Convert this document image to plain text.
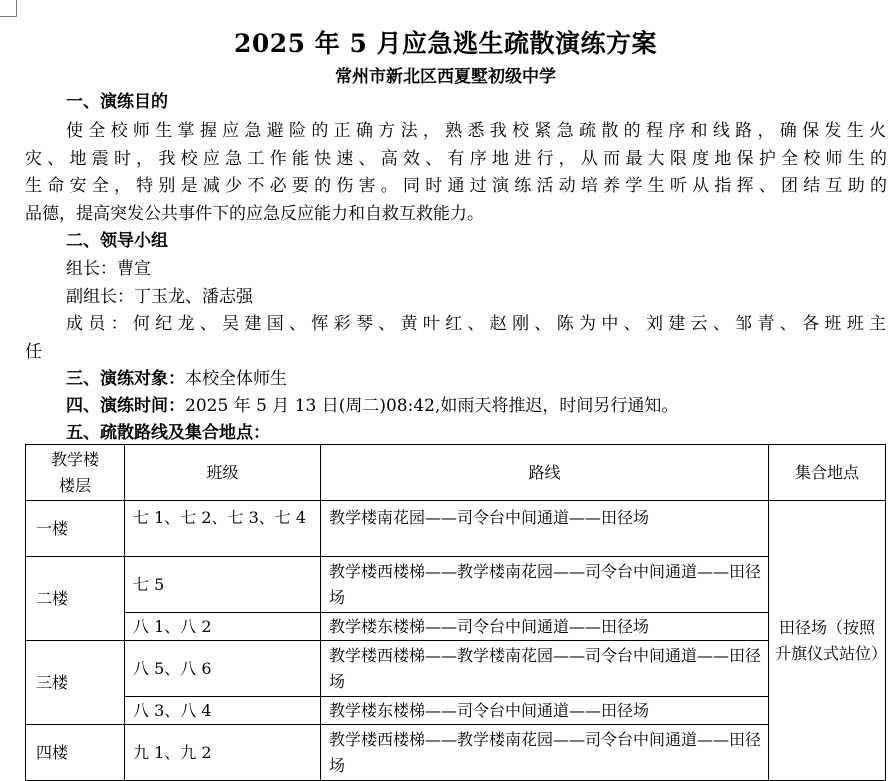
2025 年 5 月应急逃生疏散演练方案
常州市新北区西夏墅初级中学
一、演练目的
使全校师生掌握应急避险的正确方法，熟悉我校紧急疏散的程序和线路，确保发生火
灾、地震时，我校应急工作能快速、高效、有序地进行，从而最大限度地保护全校师生的
生命安全，特别是减少不必要的伤害。同时通过演练活动培养学生听从指挥、团结互助的
品德，提高突发公共事件下的应急反应能力和自救互救能力。
二、领导小组
组长：曹宣
副组长：丁玉龙、潘志强
成员：何纪龙、吴建国、恽彩琴、黄叶红、赵刚、陈为中、刘建云、邹青、各班班主
任
三、演练对象：本校全体师生
四、演练时间：2025 年 5 月 13 日(周二)08:42,如雨天将推迟，时间另行通知。
五、疏散路线及集合地点：
教学楼楼层	班级	路线	集合地点
一楼	七 1、七 2、七 3、七 4	教学楼南花园——司令台中间通道——田径场	田径场（按照升旗仪式站位）
二楼	七 5	教学楼西楼梯——教学楼南花园——司令台中间通道——田径场	
	八 1、八 2	教学楼东楼梯——司令台中间通道——田径场	
三楼	八 5、八 6	教学楼西楼梯——教学楼南花园——司令台中间通道——田径场	
	八 3、八 4	教学楼东楼梯——司令台中间通道——田径场	
四楼	九 1、九 2	教学楼西楼梯——教学楼南花园——司令台中间通道——田径场	
